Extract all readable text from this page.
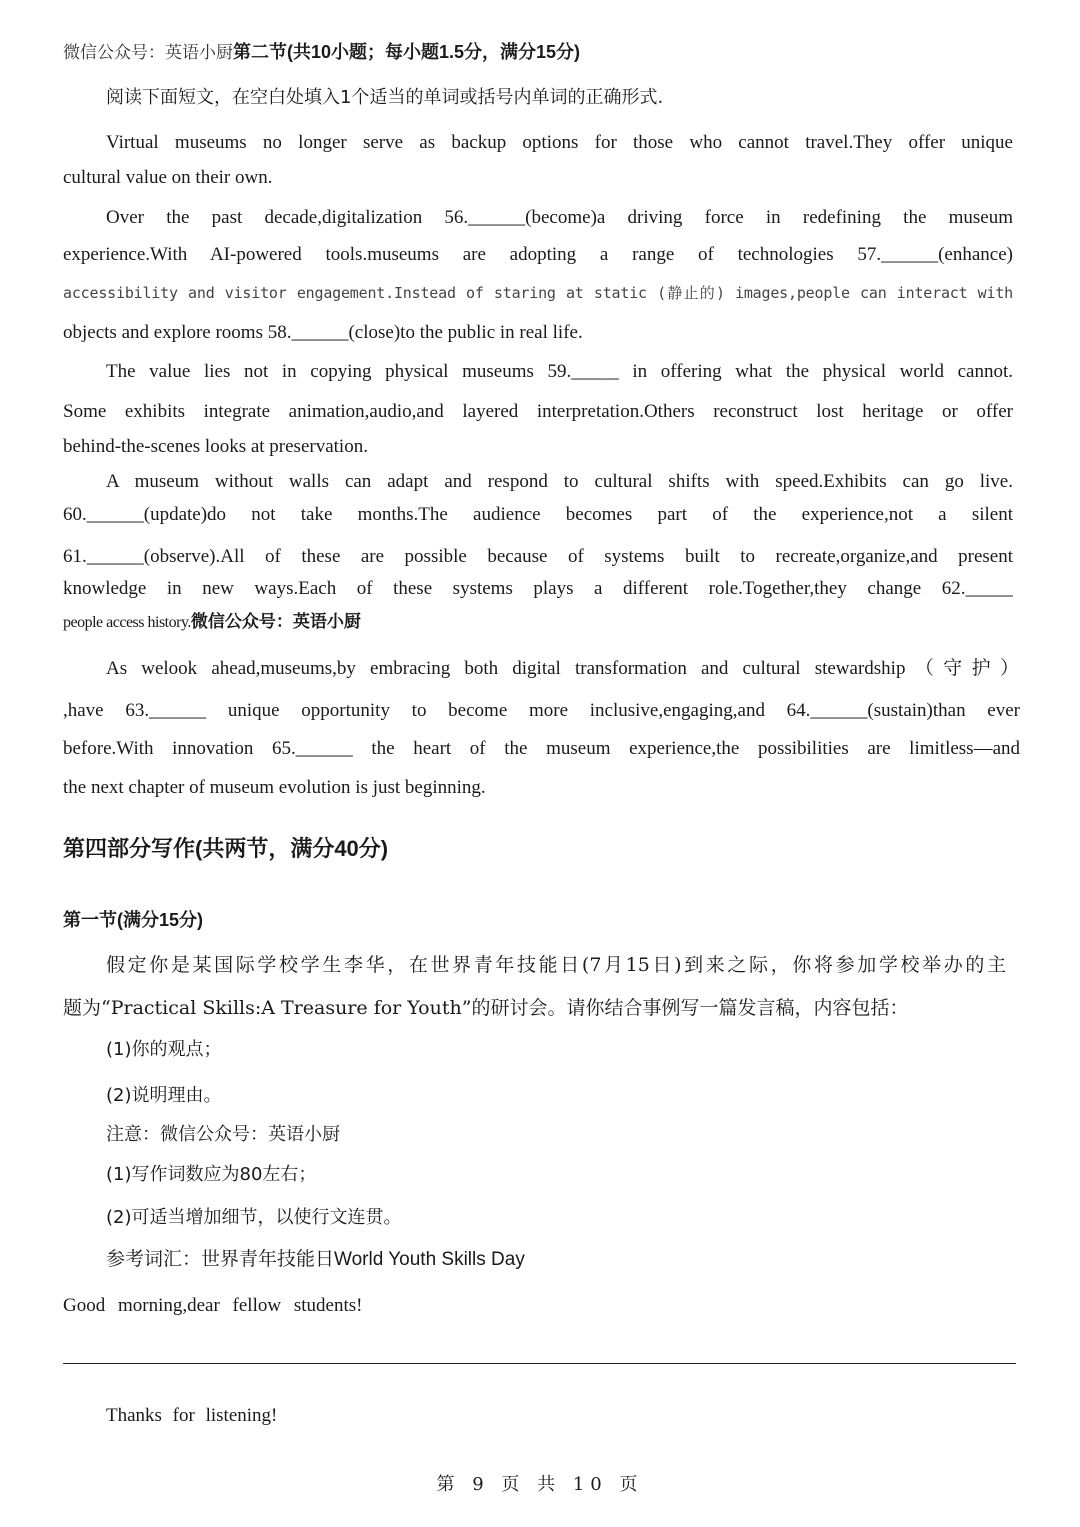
微信公众号：英语小厨第二节(共10小题；每小题1.5分，满分15分)
阅读下面短文，在空白处填入1个适当的单词或括号内单词的正确形式.
Virtual museums no longer serve as backup options for those who cannot travel.They offer unique
cultural value on their own.
Over the past decade,digitalization 56.______(become)a driving force in redefining the museum
experience.With AI-powered tools.museums are adopting a range of technologies 57.______(enhance)
accessibility and visitor engagement.Instead of staring at static (静止的) images,people can interact with
objects and explore rooms 58.______(close)to the public in real life.
The value lies not in copying physical museums 59._____ in offering what the physical world cannot.
Some exhibits integrate animation,audio,and layered interpretation.Others reconstruct lost heritage or offer
behind-the-scenes looks at preservation.
A museum without walls can adapt and respond to cultural shifts with speed.Exhibits can go live.
60.______(update)do not take months.The audience becomes part of the experience,not a silent
61.______(observe).All of these are possible because of systems built to recreate,organize,and present
knowledge in new ways.Each of these systems plays a different role.Together,they change 62._____
people access history.微信公众号：英语小厨
As welook ahead,museums,by embracing both digital transformation and cultural stewardship（守护）
,have 63.______ unique opportunity to become more inclusive,engaging,and 64.______(sustain)than ever
before.With innovation 65.______ the heart of the museum experience,the possibilities are limitless—and
the next chapter of museum evolution is just beginning.
第四部分写作(共两节，满分40分)
第一节(满分15分)
假定你是某国际学校学生李华，在世界青年技能日(7月15日)到来之际，你将参加学校举办的主
题为“Practical Skills:A Treasure for Youth”的研讨会。请你结合事例写一篇发言稿，内容包括：
(1)你的观点；
(2)说明理由。
注意：微信公众号：英语小厨
(1)写作词数应为80左右；
(2)可适当增加细节，以使行文连贯。
参考词汇：世界青年技能日World Youth Skills Day
Good morning,dear fellow students!
Thanks for listening!
第 9 页 共 10 页
